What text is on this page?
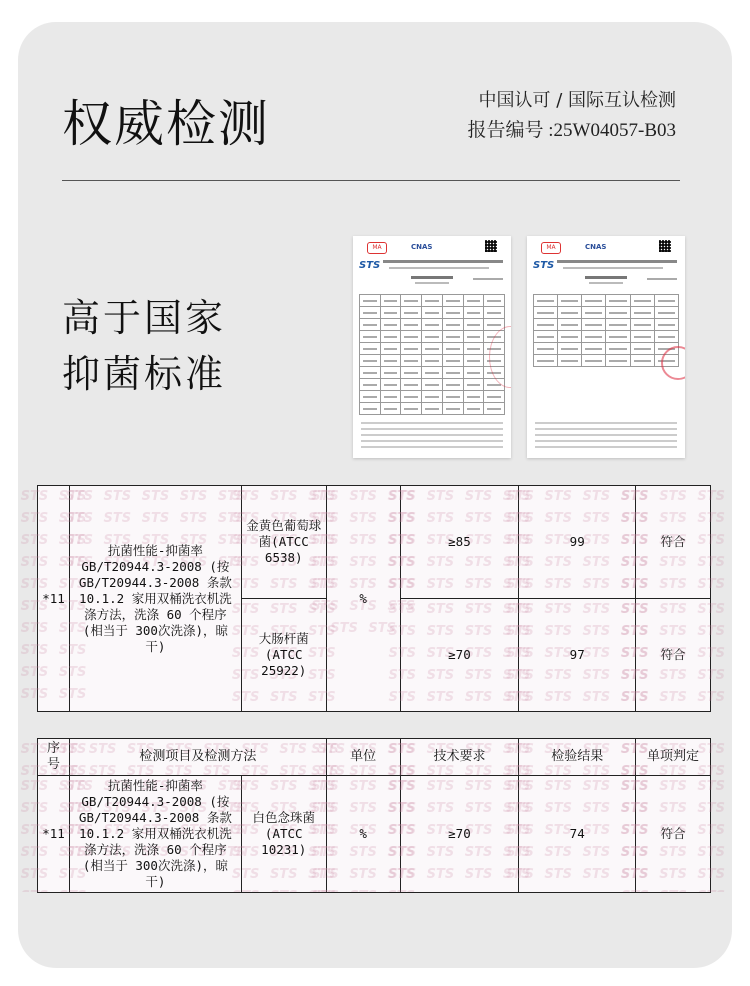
权威检测	中国认可 / 国际互认检测
报告编号 :25W04057-B03
高于国家
抑菌标准
MA	CNAS
STS

MA	CNAS
STS

STS STS STS STS STS STS STS STS STS STS STS STS STS STS STS STS STS STS STS STS *11	STS STS STS STS STS STS STS STS STS STS STS STS STS STS STS STS STS STS STS STS 抗菌性能-抑菌率 GB/T20944.3-2008 (按 GB/T20944.3-2008 条款10.1.2 家用双桶洗衣机洗涤方法，洗涤 60 个程序 (相当于 300次洗涤)，晾干)	STS STS STS STS STS STS STS STS STS STS STS STS STS STS STS STS STS STS STS STS 金黄色葡萄球菌(ATCC 6538)	STS STS STS STS STS STS STS STS STS STS STS STS STS STS STS STS STS STS STS STS %	STS STS STS STS STS STS STS STS STS STS STS STS STS STS STS STS STS STS STS STS ≥85	STS STS STS STS STS STS STS STS STS STS STS STS STS STS STS STS STS STS STS STS 99	STS STS STS STS STS STS STS STS STS STS STS STS STS STS STS STS STS STS STS STS 符合
		STS STS STS STS STS STS STS STS STS STS STS STS STS STS STS STS STS STS STS STS 大肠杆菌 (ATCC 25922)		STS STS STS STS STS STS STS STS STS STS STS STS STS STS STS STS STS STS STS STS ≥70	STS STS STS STS STS STS STS STS STS STS STS STS STS STS STS STS STS STS STS STS 97	STS STS STS STS STS STS STS STS STS STS STS STS STS STS STS STS STS STS STS STS 符合
STS STS STS STS STS STS STS STS STS STS STS STS STS STS STS STS STS STS STS STS 序号	STS STS STS STS STS STS STS STS STS STS STS STS STS STS STS STS STS STS STS STS 检测项目及检测方法		STS STS STS STS STS STS STS STS STS STS STS STS STS STS STS STS STS STS STS STS 单位	STS STS STS STS STS STS STS STS STS STS STS STS STS STS STS STS STS STS STS STS 技术要求	STS STS STS STS STS STS STS STS STS STS STS STS STS STS STS STS STS STS STS STS 检验结果	STS STS STS STS STS STS STS STS STS STS STS STS STS STS STS STS STS STS STS STS 单项判定
STS STS STS STS STS STS STS STS STS STS STS STS STS STS STS STS STS STS STS STS *11	STS STS STS STS STS STS STS STS STS STS STS STS STS STS STS STS STS STS STS STS 抗菌性能-抑菌率 GB/T20944.3-2008 (按 GB/T20944.3-2008 条款10.1.2 家用双桶洗衣机洗涤方法，洗涤 60 个程序 (相当于 300次洗涤)，晾干)	STS STS STS STS STS STS STS STS STS STS STS STS STS STS STS STS STS STS STS STS 白色念珠菌 (ATCC 10231)	STS STS STS STS STS STS STS STS STS STS STS STS STS STS STS STS STS STS STS STS %	STS STS STS STS STS STS STS STS STS STS STS STS STS STS STS STS STS STS STS STS ≥70	STS STS STS STS STS STS STS STS STS STS STS STS STS STS STS STS STS STS STS STS 74	STS STS STS STS STS STS STS STS STS STS STS STS STS STS STS STS STS STS STS STS 符合
